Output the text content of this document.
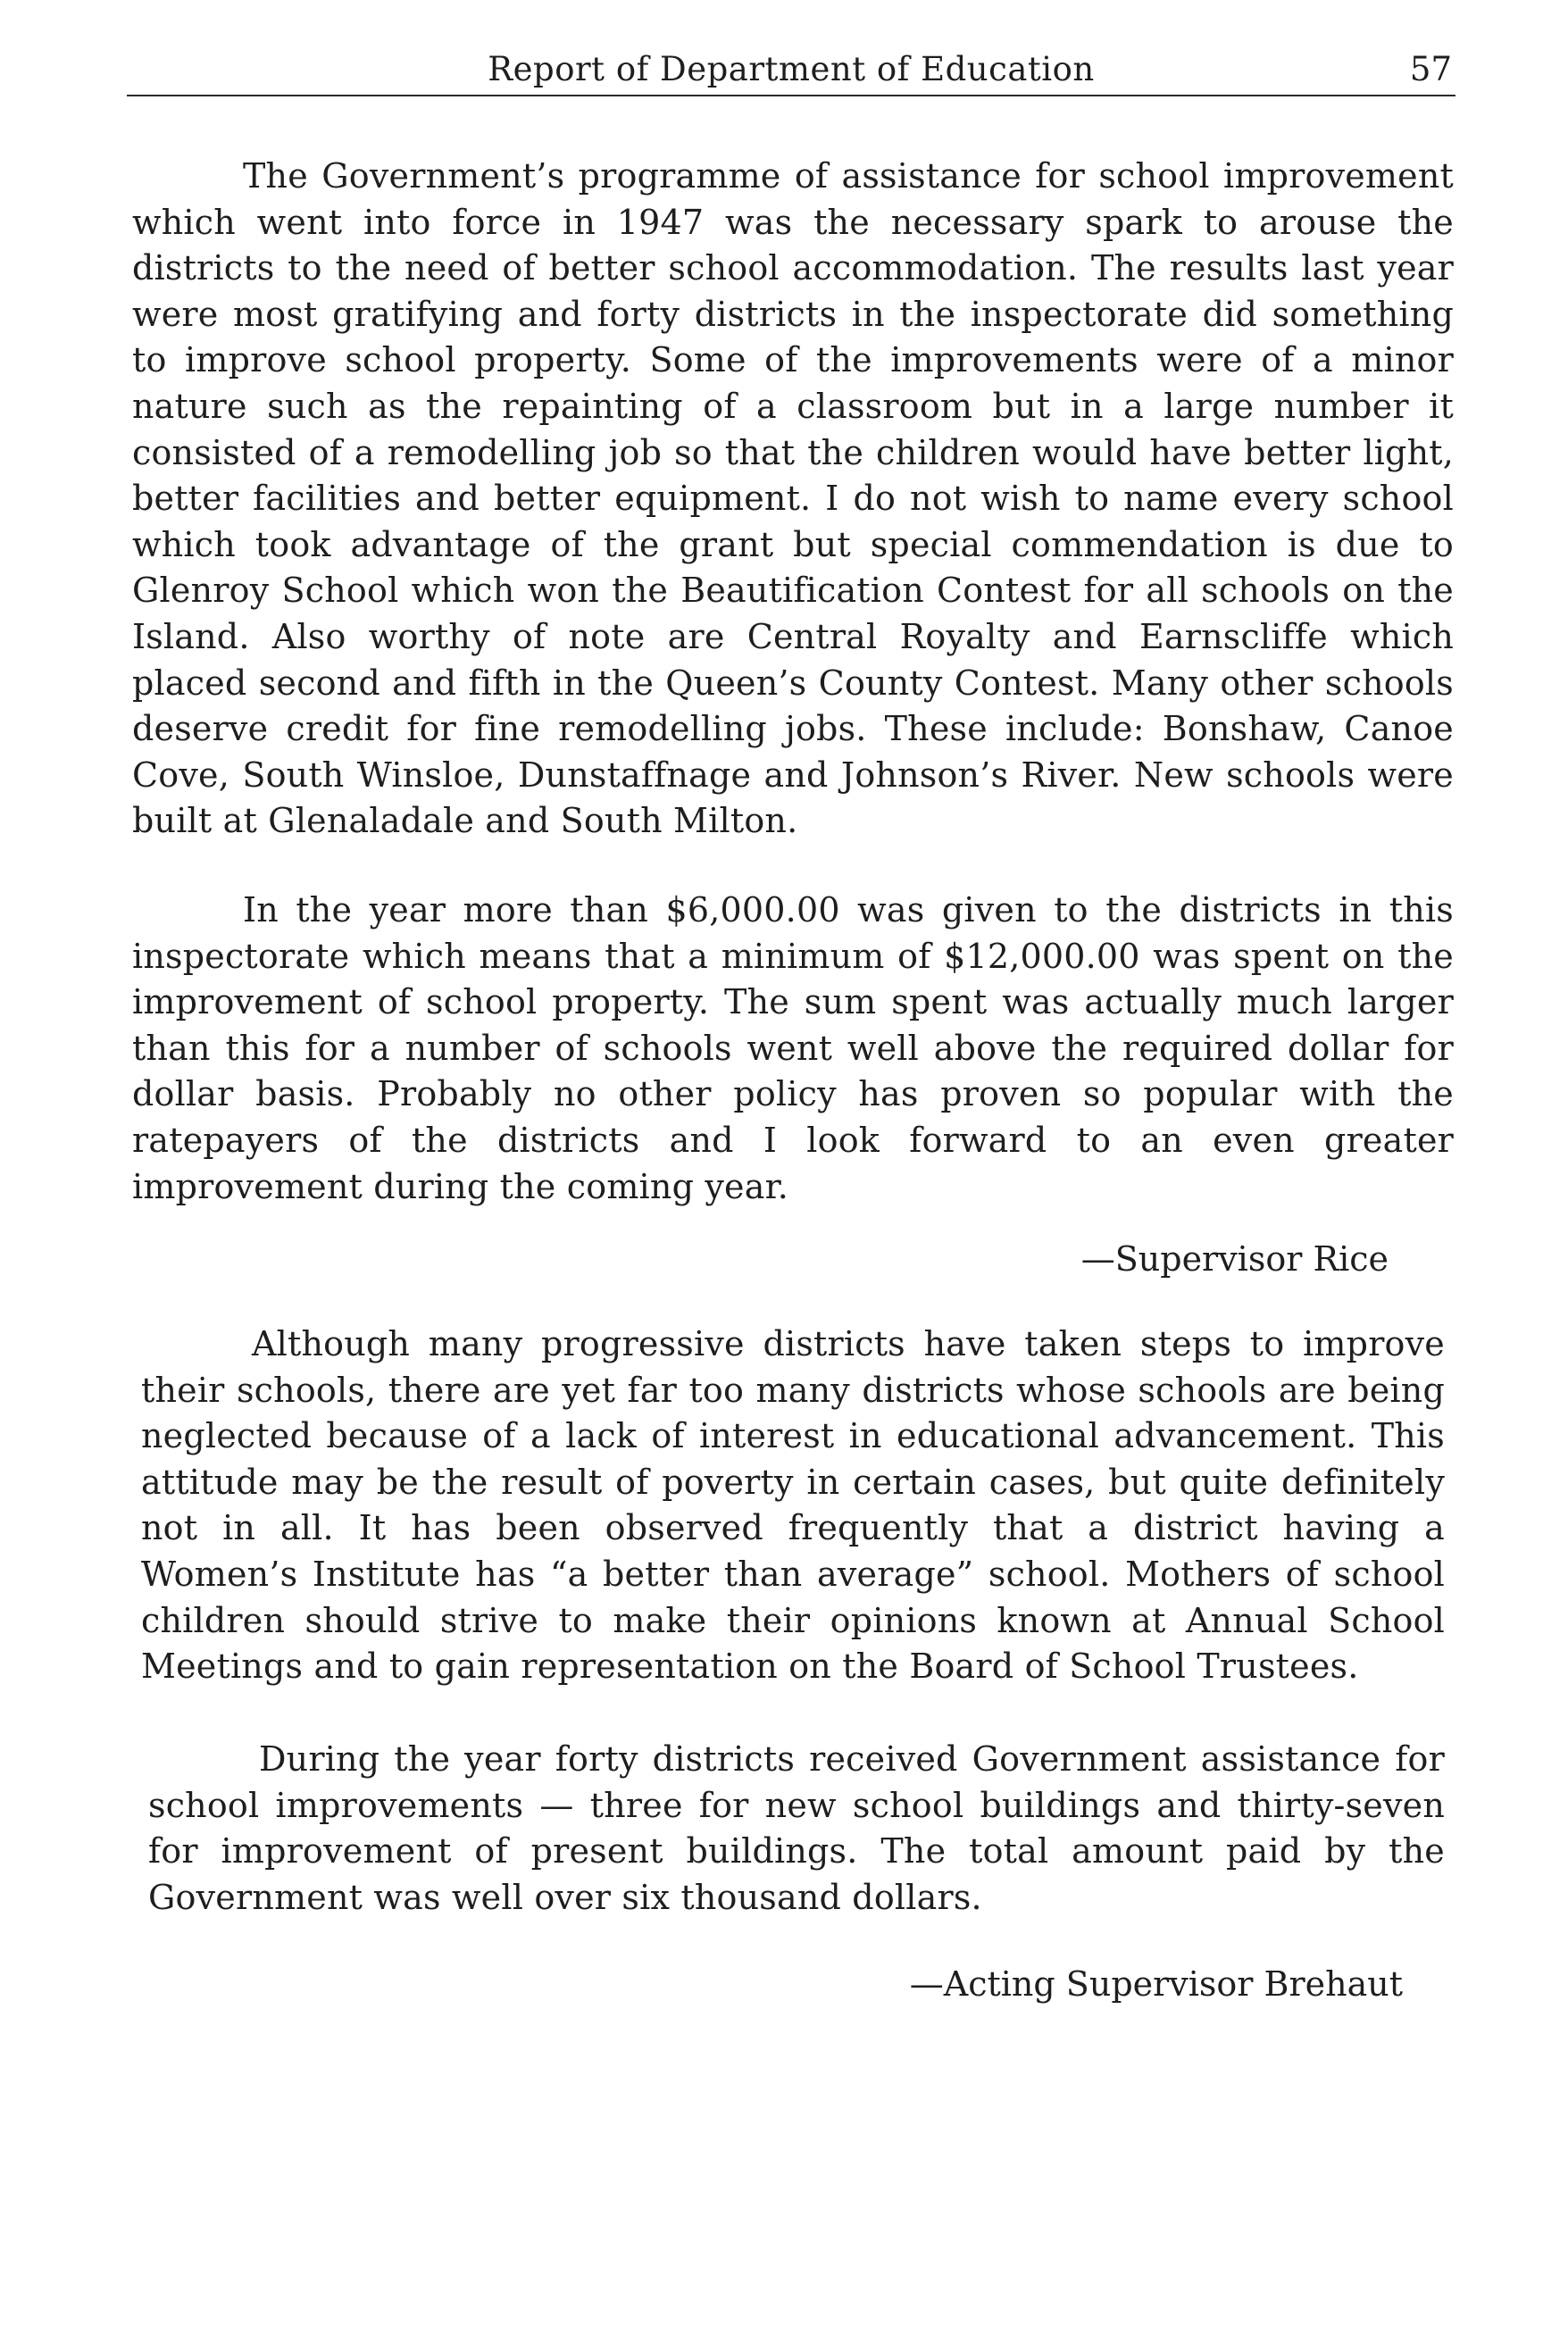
Report of Department of Education	57

The Government’s programme of assistance for school improvement which went into force in 1947 was the necessary spark to arouse the districts to the need of better school accommodation. The results last year were most gratifying and forty districts in the inspectorate did something to improve school property. Some of the improvements were of a minor nature such as the repainting of a classroom but in a large number it consisted of a remodelling job so that the children would have better light, better facilities and better equipment. I do not wish to name every school which took advantage of the grant but special commendation is due to Glenroy School which won the Beautification Contest for all schools on the Island. Also worthy of note are Central Royalty and Earnscliffe which placed second and fifth in the Queen’s County Contest. Many other schools deserve credit for fine remodelling jobs. These include: Bonshaw, Canoe Cove, South Winsloe, Dunstaffnage and Johnson’s River. New schools were built at Glenaladale and South Milton.

In the year more than $6,000.00 was given to the districts in this inspectorate which means that a minimum of $12,000.00 was spent on the improvement of school property. The sum spent was actually much larger than this for a number of schools went well above the required dollar for dollar basis. Probably no other policy has proven so popular with the ratepayers of the districts and I look forward to an even greater improvement during the coming year.

—Supervisor Rice

Although many progressive districts have taken steps to improve their schools, there are yet far too many districts whose schools are being neglected because of a lack of interest in educational advancement. This attitude may be the result of poverty in certain cases, but quite definitely not in all. It has been observed frequently that a district having a Women’s Institute has “a better than average” school. Mothers of school children should strive to make their opinions known at Annual School Meetings and to gain representation on the Board of School Trustees.

During the year forty districts received Government assistance for school improvements — three for new school buildings and thirty-seven for improvement of present buildings. The total amount paid by the Government was well over six thousand dollars.

—Acting Supervisor Brehaut
